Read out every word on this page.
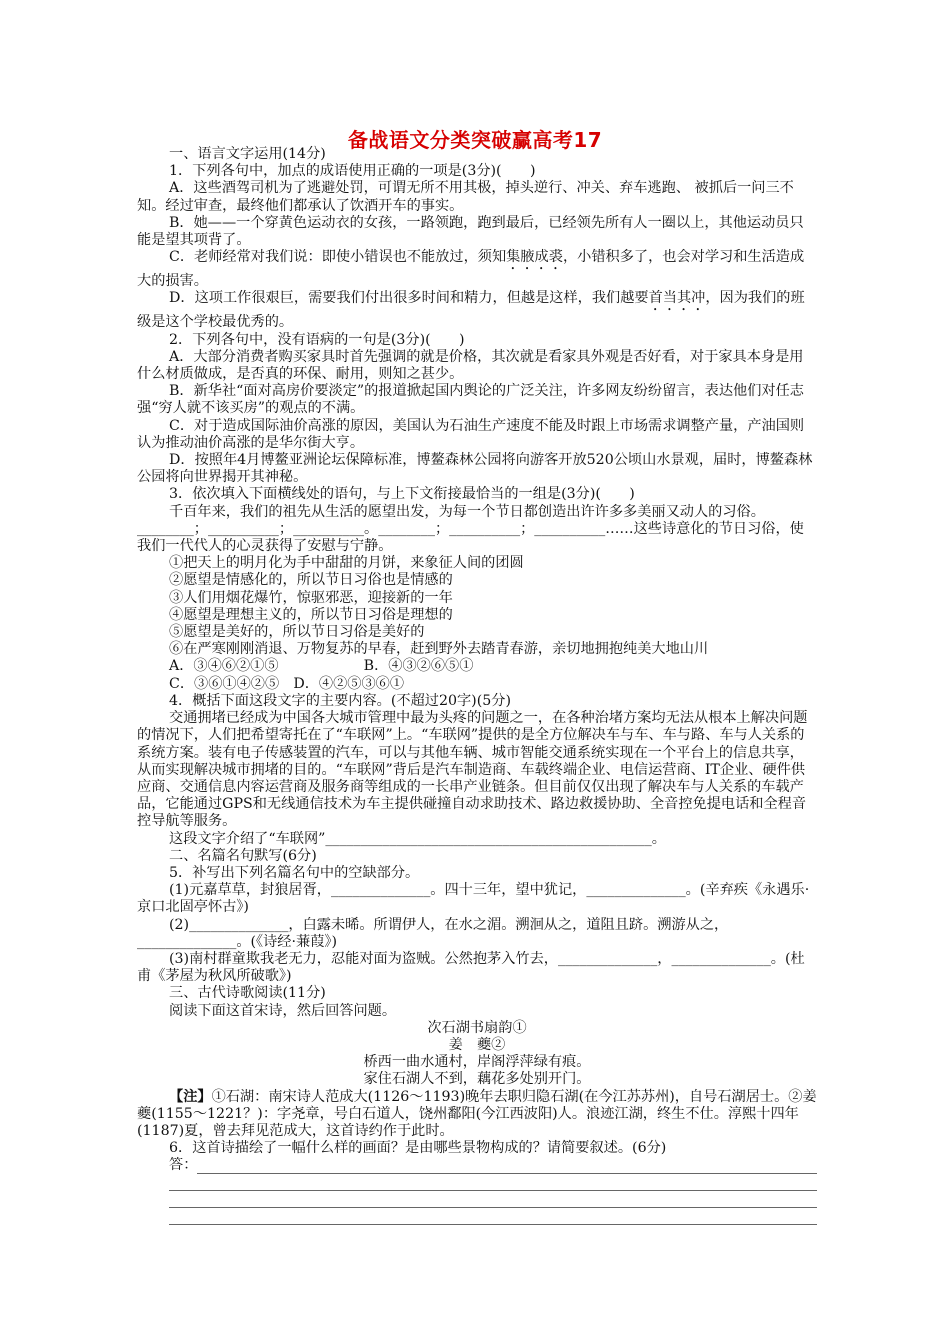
备战语文分类突破赢高考17

一、语言文字运用(14分)

1．下列各句中，加点的成语使用正确的一项是(3分)(　　)

A．这些酒驾司机为了逃避处罚，可谓无所不用其极，掉头逆行、冲关、弃车逃跑、 被抓后一问三不知。经过审查，最终他们都承认了饮酒开车的事实。

B．她——一个穿黄色运动衣的女孩，一路领跑，跑到最后，已经领先所有人一圈以上，其他运动员只能是望其项背了。

C．老师经常对我们说：即使小错误也不能放过，须知集腋成裘，小错积多了，也会对学习和生活造成大的损害。

D．这项工作很艰巨，需要我们付出很多时间和精力，但越是这样，我们越要首当其冲，因为我们的班级是这个学校最优秀的。

2．下列各句中，没有语病的一句是(3分)(　　)

A．大部分消费者购买家具时首先强调的就是价格，其次就是看家具外观是否好看，对于家具本身是用什么材质做成，是否真的环保、耐用，则知之甚少。

B．新华社“面对高房价要淡定”的报道掀起国内舆论的广泛关注，许多网友纷纷留言，表达他们对任志强“穷人就不该买房”的观点的不满。

C．对于造成国际油价高涨的原因，美国认为石油生产速度不能及时跟上市场需求调整产量，产油国则认为推动油价高涨的是华尔街大亨。

D．按照年4月博鳌亚洲论坛保障标准，博鳌森林公园将向游客开放520公顷山水景观，届时，博鳌森林公园将向世界揭开其神秘。

3．依次填入下面横线处的语句，与上下文衔接最恰当的一组是(3分)(　　)

千百年来，我们的祖先从生活的愿望出发，为每一个节日都创造出许许多多美丽又动人的习俗。________；__________；__________。________；__________；__________……这些诗意化的节日习俗，使我们一代代人的心灵获得了安慰与宁静。

①把天上的明月化为手中甜甜的月饼，来象征人间的团圆

②愿望是情感化的，所以节日习俗也是情感的

③人们用烟花爆竹，惊驱邪恶，迎接新的一年

④愿望是理想主义的，所以节日习俗是理想的

⑤愿望是美好的，所以节日习俗是美好的

⑥在严寒刚刚消退、万物复苏的早春，赶到野外去踏青春游，亲切地拥抱纯美大地山川

A．③④⑥②①⑤　　　　　　B．④③②⑥⑤①

C．③⑥①④②⑤　D．④②⑤③⑥①

4．概括下面这段文字的主要内容。(不超过20字)(5分)

交通拥堵已经成为中国各大城市管理中最为头疼的问题之一，在各种治堵方案均无法从根本上解决问题的情况下，人们把希望寄托在了“车联网”上。“车联网”提供的是全方位解决车与车、车与路、车与人关系的系统方案。装有电子传感装置的汽车，可以与其他车辆、城市智能交通系统实现在一个平台上的信息共享，从而实现解决城市拥堵的目的。“车联网”背后是汽车制造商、车载终端企业、电信运营商、IT企业、硬件供应商、交通信息内容运营商及服务商等组成的一长串产业链条。但目前仅仅出现了解决车与人关系的车载产品，它能通过GPS和无线通信技术为车主提供碰撞自动求助技术、路边救援协助、全音控免提电话和全程音控导航等服务。

这段文字介绍了“车联网”______________________________________________。

二、名篇名句默写(6分)

5．补写出下列名篇名句中的空缺部分。

(1)元嘉草草，封狼居胥，______________。四十三年，望中犹记，______________。(辛弃疾《永遇乐·京口北固亭怀古》)

(2)______________，白露未晞。所谓伊人，在水之湄。溯洄从之，道阻且跻。溯游从之，______________。(《诗经·蒹葭》)

(3)南村群童欺我老无力，忍能对面为盗贼。公然抱茅入竹去，______________，______________。(杜甫《茅屋为秋风所破歌》)

三、古代诗歌阅读(11分)

阅读下面这首宋诗，然后回答问题。

次石湖书扇韵①

姜　夔②

桥西一曲水通村，岸阁浮萍绿有痕。

家住石湖人不到，藕花多处别开门。

【注】①石湖：南宋诗人范成大(1126～1193)晚年去职归隐石湖(在今江苏苏州)，自号石湖居士。②姜夔(1155～1221？)：字尧章，号白石道人，饶州鄱阳(今江西波阳)人。浪迹江湖，终生不仕。淳熙十四年(1187)夏，曾去拜见范成大，这首诗约作于此时。

6．这首诗描绘了一幅什么样的画面？是由哪些景物构成的？请简要叙述。(6分)

答：
